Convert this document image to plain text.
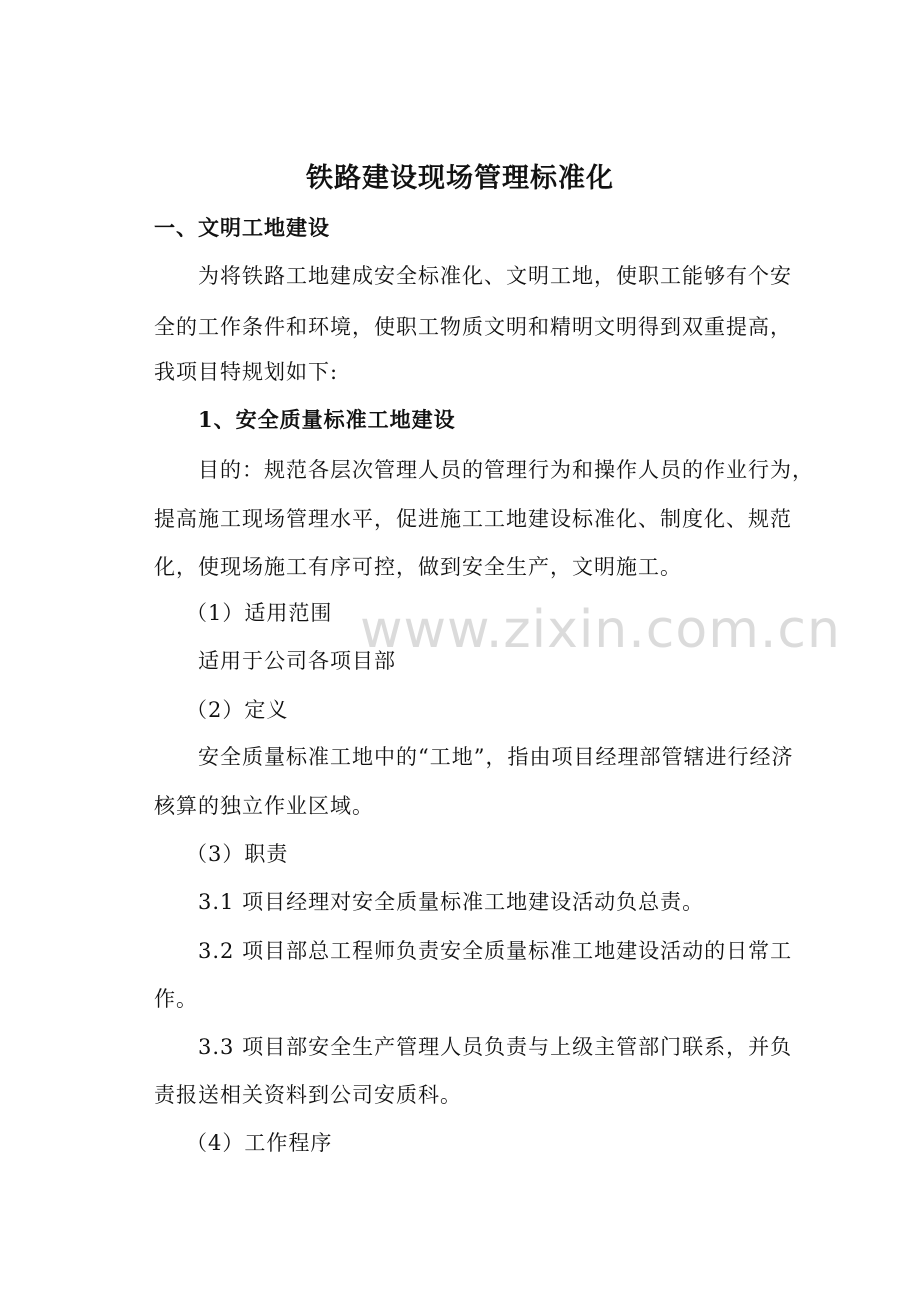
www.zixin.com.cn
铁路建设现场管理标准化
一、文明工地建设
为将铁路工地建成安全标准化、文明工地，使职工能够有个安
全的工作条件和环境，使职工物质文明和精明文明得到双重提高，
我项目特规划如下:
1、安全质量标准工地建设
目的：规范各层次管理人员的管理行为和操作人员的作业行为，
提高施工现场管理水平，促进施工工地建设标准化、制度化、规范
化，使现场施工有序可控，做到安全生产，文明施工。
（1）适用范围
适用于公司各项目部
（2）定义
安全质量标准工地中的“工地”，指由项目经理部管辖进行经济
核算的独立作业区域。
（3）职责
3.1 项目经理对安全质量标准工地建设活动负总责。
3.2 项目部总工程师负责安全质量标准工地建设活动的日常工
作。
3.3 项目部安全生产管理人员负责与上级主管部门联系，并负
责报送相关资料到公司安质科。
（4）工作程序
